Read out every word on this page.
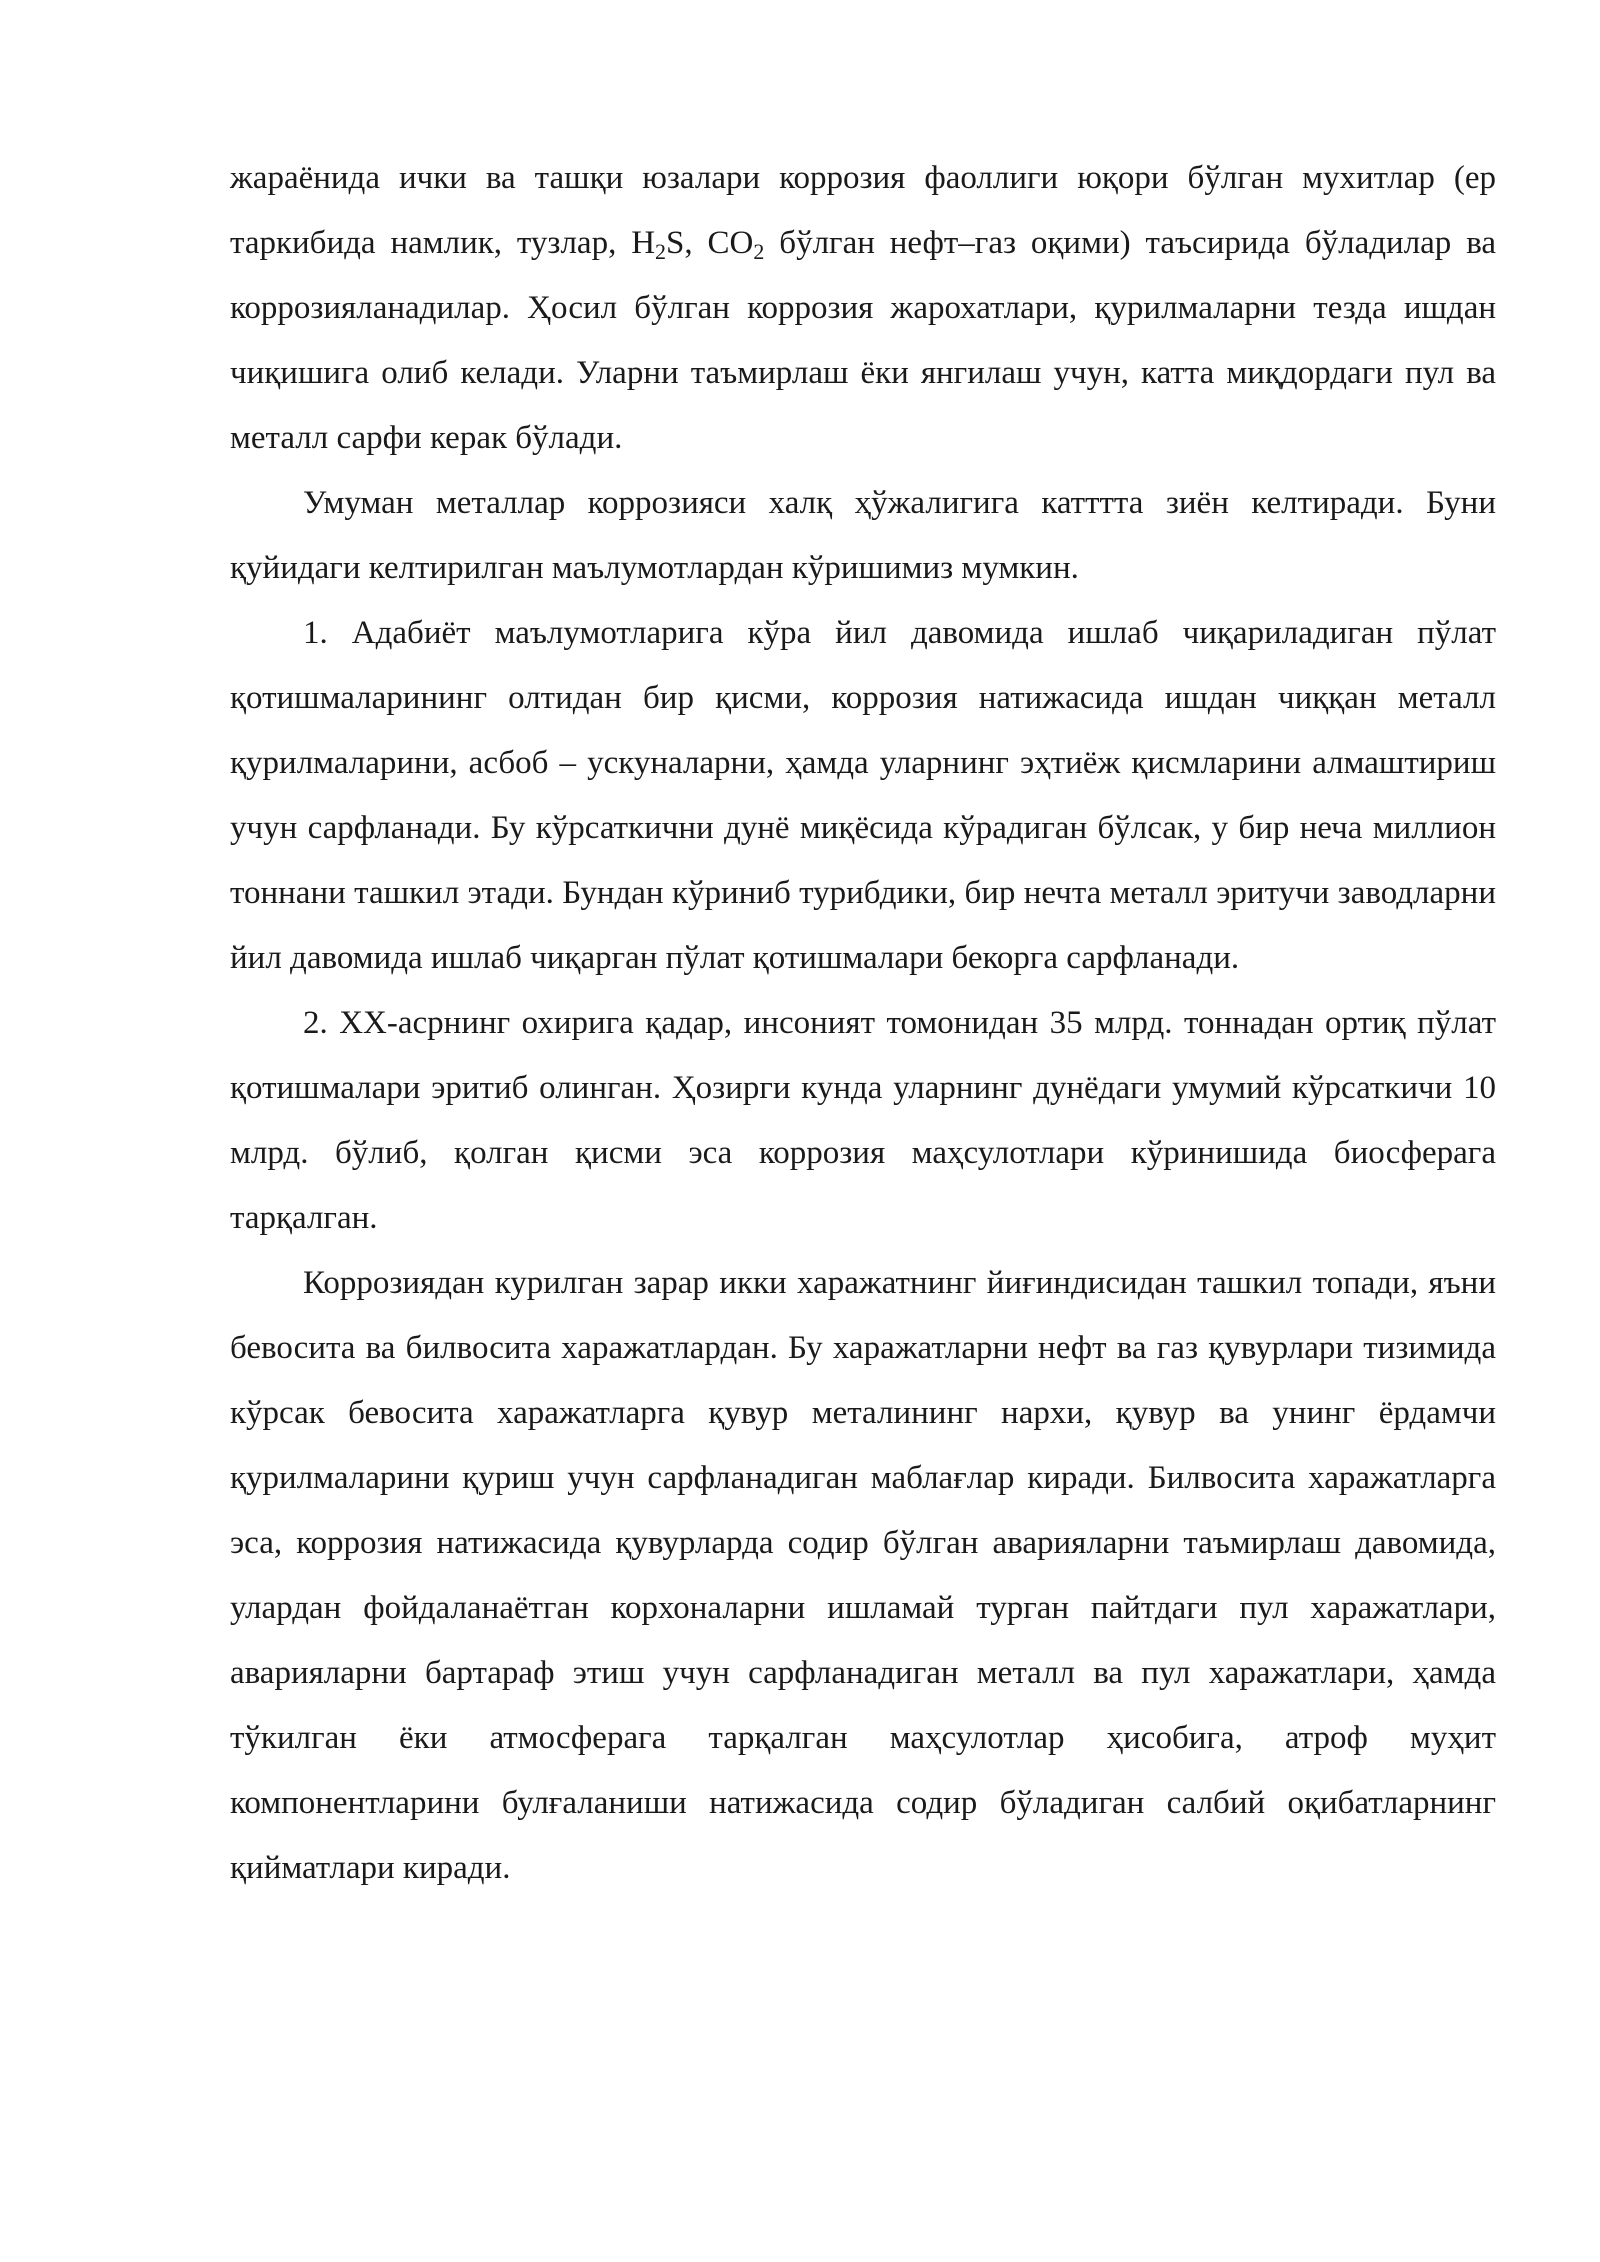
жараёнида ички ва ташқи юзалари коррозия фаоллиги юқори бўлган мухитлар (ер таркибида намлик, тузлар, $H_2S$, $CO_2$ бўлган нефт–газ оқими) таъсирида бўладилар ва коррозияланадилар. Ҳосил бўлган коррозия жарохатлари, қурилмаларни тезда ишдан чиқишига олиб келади. Уларни таъмирлаш ёки янгилаш учун, катта миқдордаги пул ва металл сарфи керак бўлади.

Умуман металлар коррозияси халқ ҳўжалигига катттта зиён келтиради. Буни қуйидаги келтирилган маълумотлардан кўришимиз мумкин.

1. Адабиёт маълумотларига кўра йил давомида ишлаб чиқариладиган пўлат қотишмаларининг олтидан бир қисми, коррозия натижасида ишдан чиққан металл қурилмаларини, асбоб – ускуналарни, ҳамда уларнинг эҳтиёж қисмларини алмаштириш учун сарфланади. Бу кўрсаткични дунё миқёсида кўрадиган бўлсак, у бир неча миллион тоннани ташкил этади. Бундан кўриниб турибдики, бир нечта металл эритучи заводларни йил давомида ишлаб чиқарган пўлат қотишмалари бекорга сарфланади.

2. XX-асрнинг охирига қадар, инсоният томонидан 35 млрд. тоннадан ортиқ пўлат қотишмалари эритиб олинган. Ҳозирги кунда уларнинг дунёдаги умумий кўрсаткичи 10 млрд. бўлиб, қолган қисми эса коррозия маҳсулотлари кўринишида биосферага тарқалган.

Коррозиядан курилган зарар икки харажатнинг йиғиндисидан ташкил топади, яъни бевосита ва билвосита харажатлардан. Бу харажатларни нефт ва газ қувурлари тизимида кўрсак бевосита харажатларга қувур металининг нархи, қувур ва унинг ёрдамчи қурилмаларини қуриш учун сарфланадиган маблағлар киради. Билвосита харажатларга эса, коррозия натижасида қувурларда содир бўлган аварияларни таъмирлаш давомида, улардан фойдаланаётган корхоналарни ишламай турган пайтдаги пул харажатлари, аварияларни бартараф этиш учун сарфланадиган металл ва пул харажатлари, ҳамда тўкилган ёки атмосферага тарқалган маҳсулотлар ҳисобига, атроф муҳит компонентларини булғаланиши натижасида содир бўладиган салбий оқибатларнинг қийматлари киради.
